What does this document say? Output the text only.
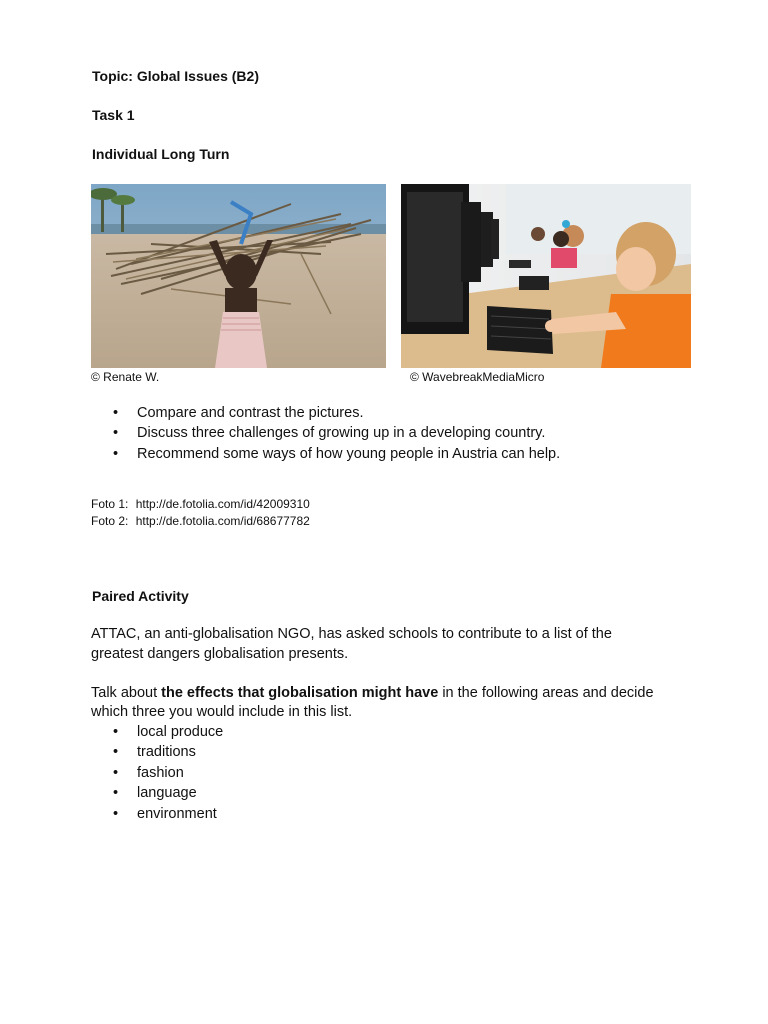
Topic: Global Issues (B2)
Task 1
Individual Long Turn
© Renate W.	© WavebreakMediaMicro
• Compare and contrast the pictures.
• Discuss three challenges of growing up in a developing country.
• Recommend some ways of how young people in Austria can help.
Foto 1: http://de.fotolia.com/id/42009310
Foto 2: http://de.fotolia.com/id/68677782
Paired Activity
ATTAC, an anti-globalisation NGO, has asked schools to contribute to a list of the
greatest dangers globalisation presents.
Talk about the effects that globalisation might have in the following areas and decide
which three you would include in this list.
• local produce
• traditions
• fashion
• language
• environment
